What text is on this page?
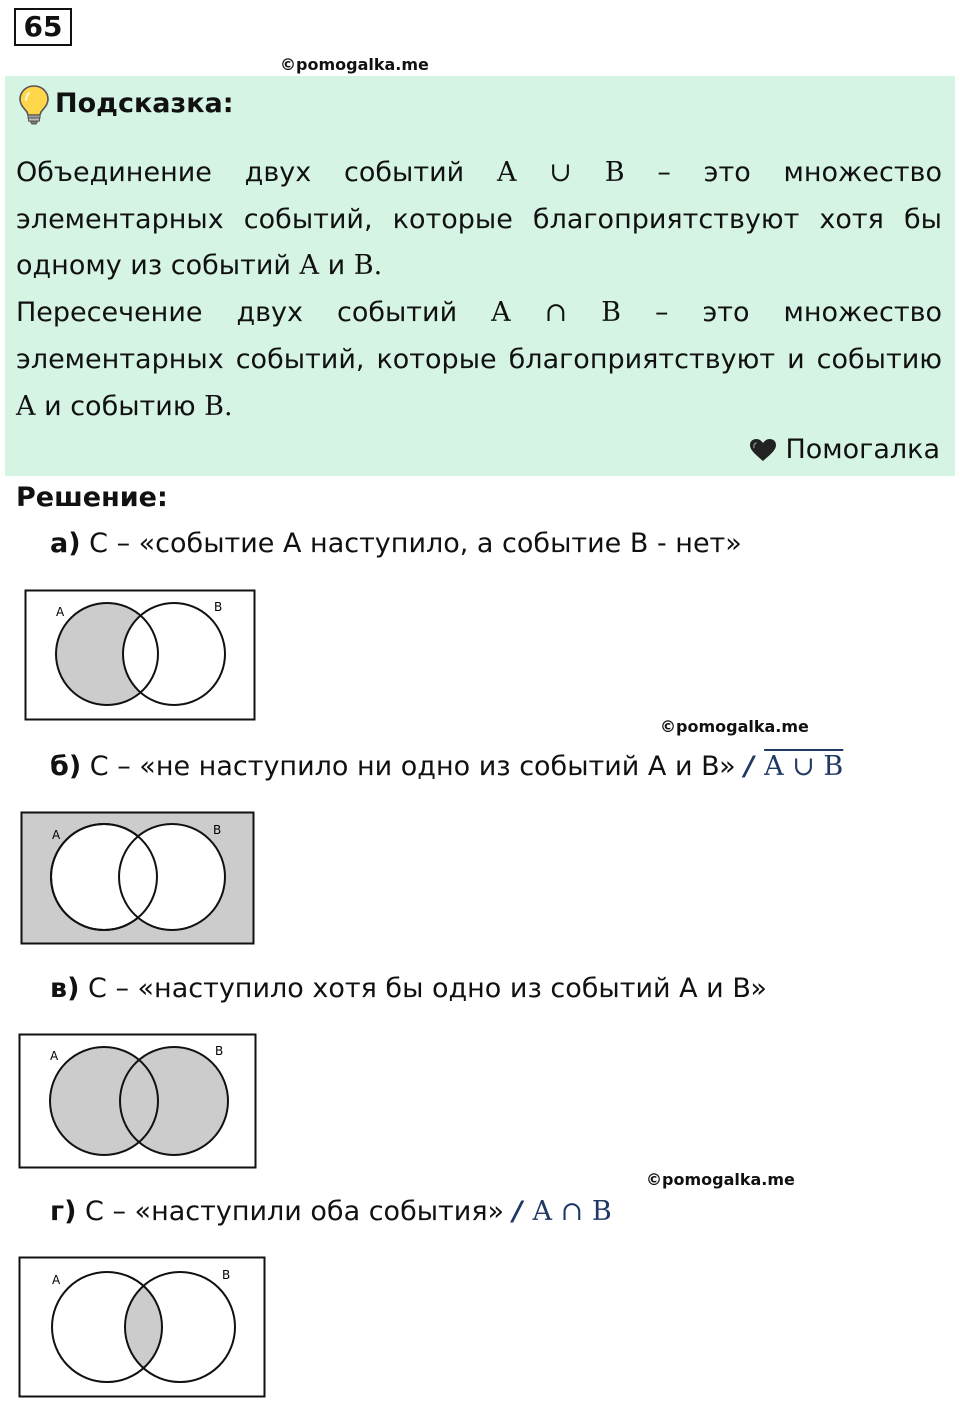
65
©pomogalka.me
Подсказка:

Объединение двух событий A ∪ B – это множество элементарных событий, которые благоприятствуют хотя бы одному из событий A и B.

Пересечение двух событий A ∩ B – это множество элементарных событий, которые благоприятствуют и событию A и событию B.

Помогалка
Решение:
а) C – «событие A наступило, а событие B - нет»
A	B
©pomogalka.me
б) C – «не наступило ни одно из событий A и B» / A ∪ B
A	B
в) C – «наступило хотя бы одно из событий A и B»
A	B
©pomogalka.me
г) C – «наступили оба события» / A ∩ B
A	B
